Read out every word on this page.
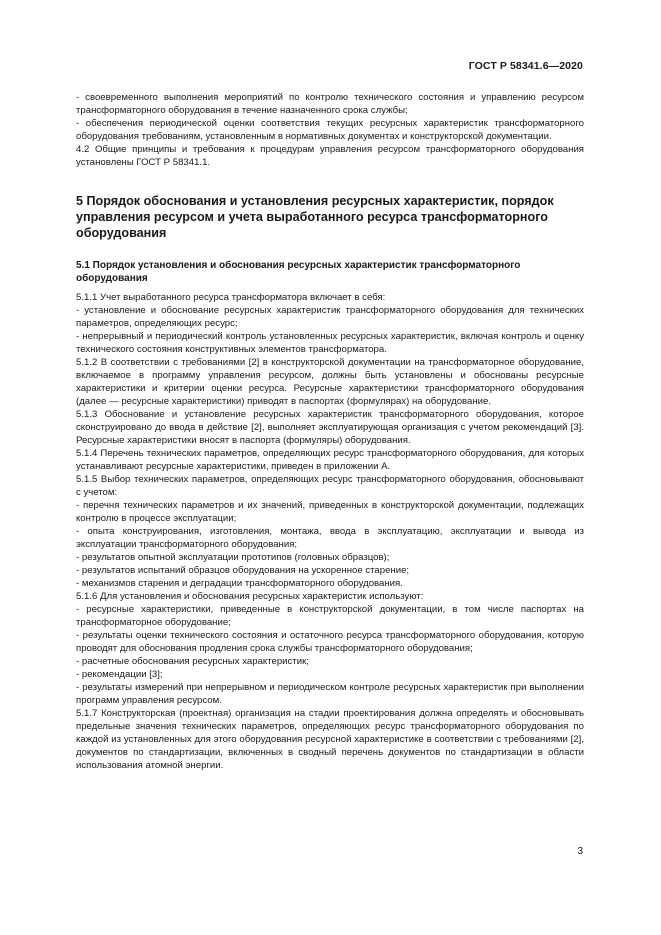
ГОСТ Р 58341.6—2020

- своевременного выполнения мероприятий по контролю технического состояния и управлению ресурсом трансформаторного оборудования в течение назначенного срока службы;

- обеспечения периодической оценки соответствия текущих ресурсных характеристик трансформаторного оборудования требованиям, установленным в нормативных документах и конструкторской документации.

4.2 Общие принципы и требования к процедурам управления ресурсом трансформаторного оборудования установлены ГОСТ Р 58341.1.

5 Порядок обоснования и установления ресурсных характеристик, порядок управления ресурсом и учета выработанного ресурса трансформаторного оборудования
5.1 Порядок установления и обоснования ресурсных характеристик трансформаторного оборудования

5.1.1 Учет выработанного ресурса трансформатора включает в себя:

- установление и обоснование ресурсных характеристик трансформаторного оборудования для технических параметров, определяющих ресурс;

- непрерывный и периодический контроль установленных ресурсных характеристик, включая контроль и оценку технического состояния конструктивных элементов трансформатора.

5.1.2 В соответствии с требованиями [2] в конструкторской документации на трансформаторное оборудование, включаемое в программу управления ресурсом, должны быть установлены и обоснованы ресурсные характеристики и критерии оценки ресурса. Ресурсные характеристики трансформаторного оборудования (далее — ресурсные характеристики) приводят в паспортах (формулярах) на оборудование.

5.1.3 Обоснование и установление ресурсных характеристик трансформаторного оборудования, которое сконструировано до ввода в действие [2], выполняет эксплуатирующая организация с учетом рекомендаций [3]. Ресурсные характеристики вносят в паспорта (формуляры) оборудования.

5.1.4 Перечень технических параметров, определяющих ресурс трансформаторного оборудования, для которых устанавливают ресурсные характеристики, приведен в приложении А.

5.1.5 Выбор технических параметров, определяющих ресурс трансформаторного оборудования, обосновывают с учетом:

- перечня технических параметров и их значений, приведенных в конструкторской документации, подлежащих контролю в процессе эксплуатации;

- опыта конструирования, изготовления, монтажа, ввода в эксплуатацию, эксплуатации и вывода из эксплуатации трансформаторного оборудования;

- результатов опытной эксплуатации прототипов (головных образцов);

- результатов испытаний образцов оборудования на ускоренное старение;

- механизмов старения и деградации трансформаторного оборудования.

5.1.6 Для установления и обоснования ресурсных характеристик используют:

- ресурсные характеристики, приведенные в конструкторской документации, в том числе паспортах на трансформаторное оборудование;

- результаты оценки технического состояния и остаточного ресурса трансформаторного оборудования, которую проводят для обоснования продления срока службы трансформаторного оборудования;

- расчетные обоснования ресурсных характеристик;

- рекомендации [3];

- результаты измерений при непрерывном и периодическом контроле ресурсных характеристик при выполнении программ управления ресурсом.

5.1.7 Конструкторская (проектная) организация на стадии проектирования должна определять и обосновывать предельные значения технических параметров, определяющих ресурс трансформаторного оборудования по каждой из установленных для этого оборудования ресурсной характеристике в соответствии с требованиями [2], документов по стандартизации, включенных в сводный перечень документов по стандартизации в области использования атомной энергии.

3
